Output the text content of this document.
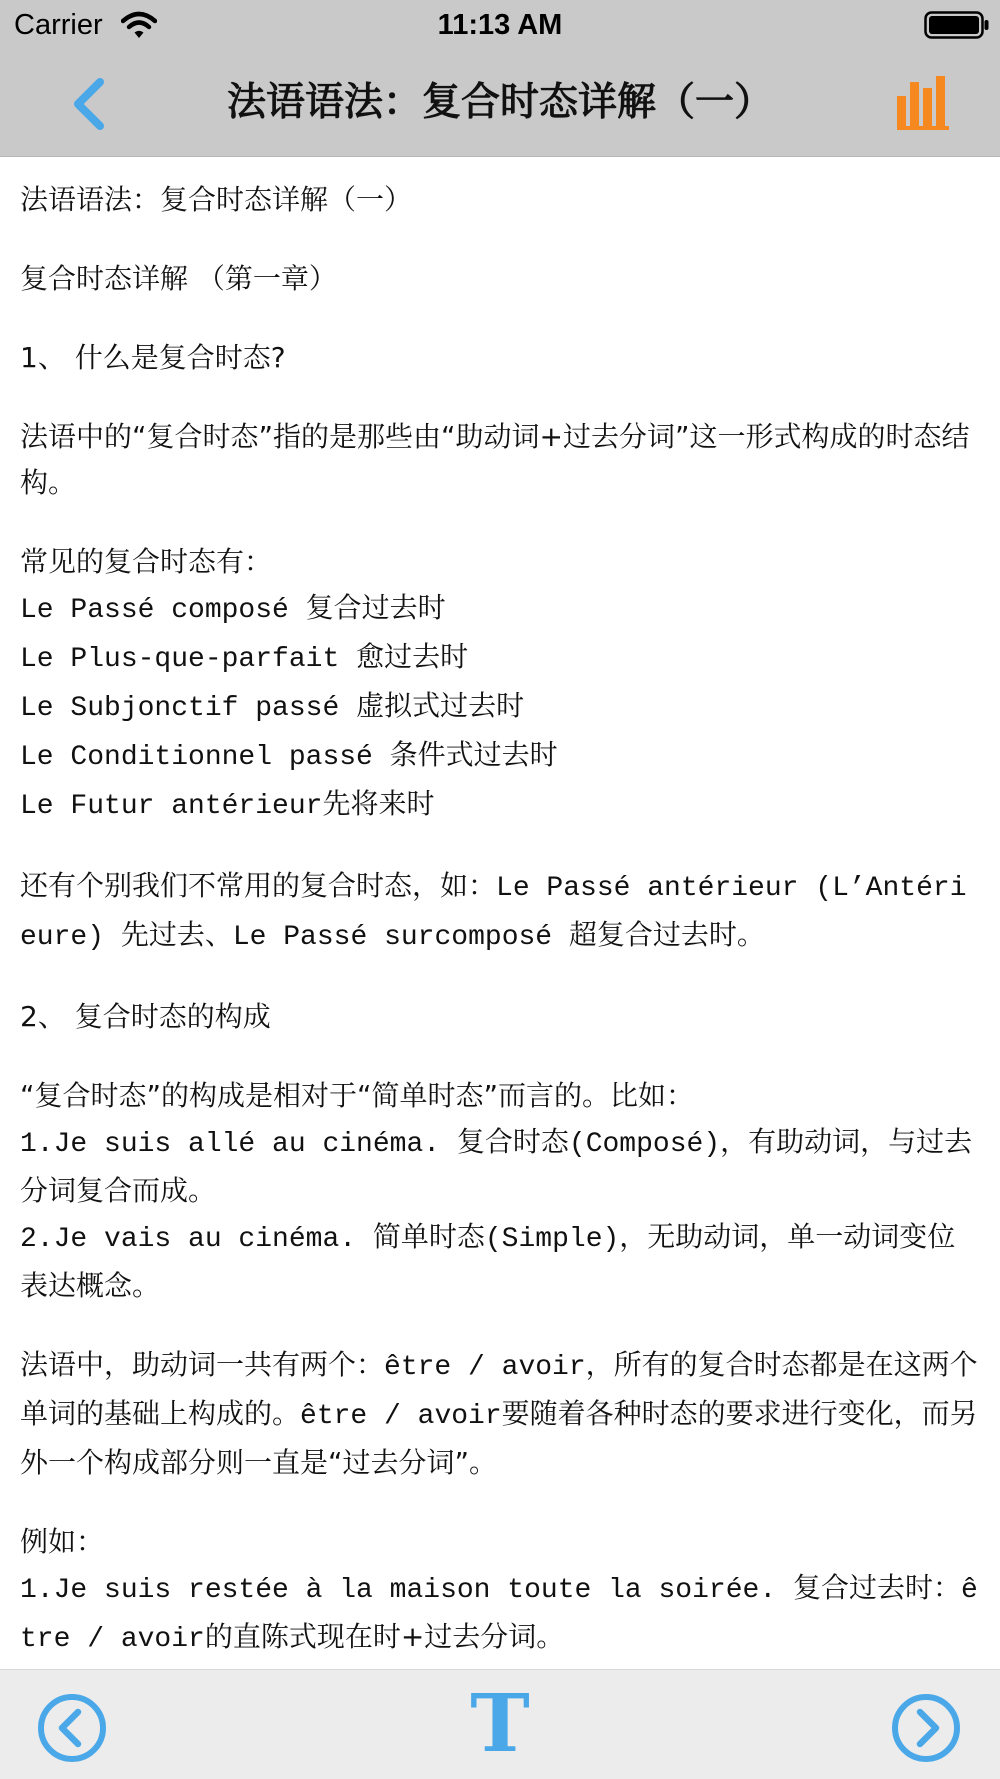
Carrier	11:13 AM
法语语法：复合时态详解（一）

法语语法：复合时态详解（一）

复合时态详解 （第一章）

1、 什么是复合时态?

法语中的“复合时态”指的是那些由“助动词+过去分词”这一形式构成的时态结构。

常见的复合时态有：
Le Passé composé 复合过去时
Le Plus-que-parfait 愈过去时
Le Subjonctif passé 虚拟式过去时
Le Conditionnel passé 条件式过去时
Le Futur antérieur先将来时

还有个别我们不常用的复合时态，如：Le Passé antérieur (L’Antérieure) 先过去、Le Passé surcomposé 超复合过去时。

2、 复合时态的构成

“复合时态”的构成是相对于“简单时态”而言的。比如：
1.Je suis allé au cinéma. 复合时态(Composé)，有助动词，与过去分词复合而成。
2.Je vais au cinéma. 简单时态(Simple)，无助动词，单一动词变位表达概念。

法语中，助动词一共有两个：être / avoir，所有的复合时态都是在这两个单词的基础上构成的。être / avoir要随着各种时态的要求进行变化，而另外一个构成部分则一直是“过去分词”。

例如：
1.Je suis restée à la maison toute la soirée. 复合过去时：être / avoir的直陈式现在时+过去分词。

T
